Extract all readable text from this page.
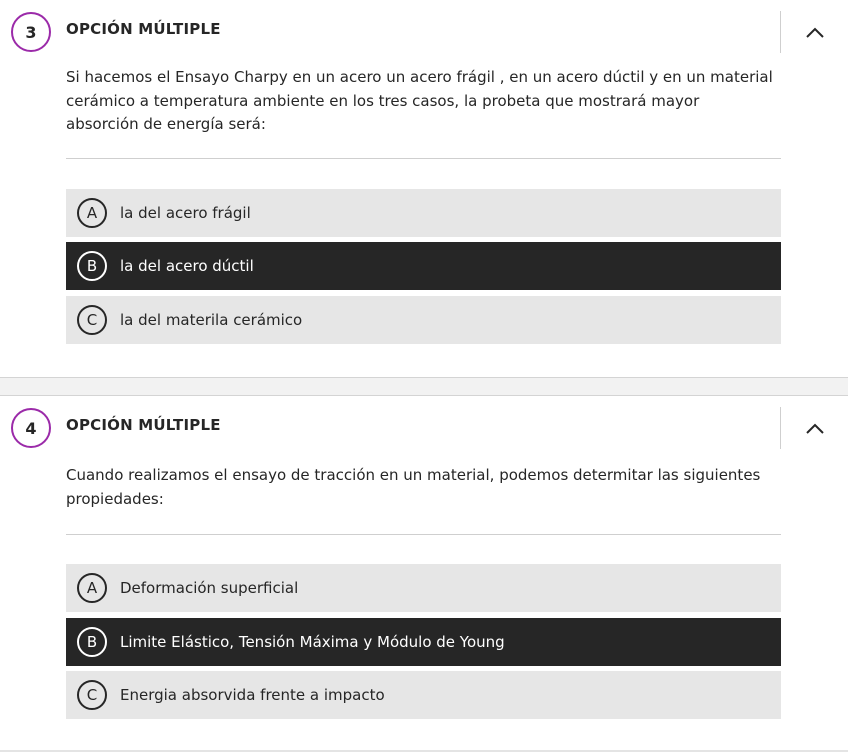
3	OPCIÓN MÚLTIPLE
Si hacemos el Ensayo Charpy en un acero un acero frágil , en un acero dúctil y en un material cerámico a temperatura ambiente en los tres casos, la probeta que mostrará mayor absorción de energía será:
A	la del acero frágil
B	la del acero dúctil
C	la del materila cerámico
4	OPCIÓN MÚLTIPLE
Cuando realizamos el ensayo de tracción en un material, podemos determitar las siguientes propiedades:
A	Deformación superficial
B	Limite Elástico, Tensión Máxima y Módulo de Young
C	Energia absorvida frente a impacto
